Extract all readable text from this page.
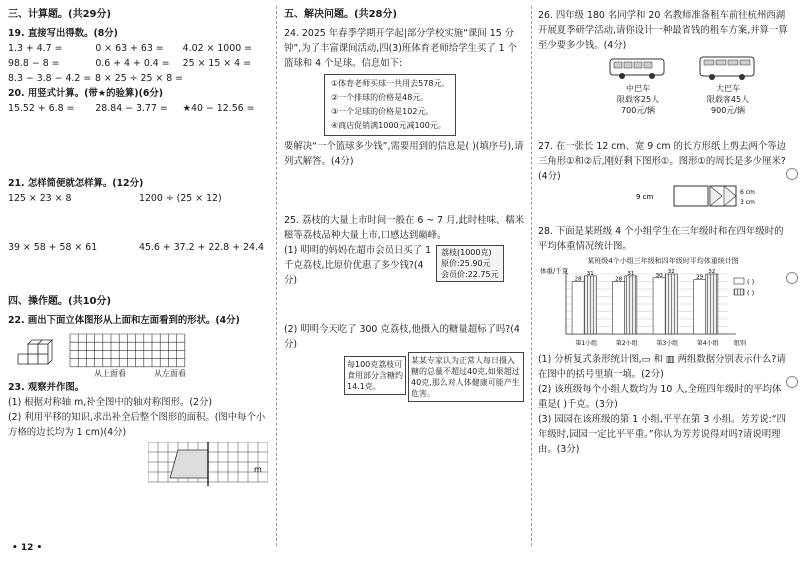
三、计算题。(共29分)

19. 直接写出得数。(8分)

1.3 + 4.7 =	0 × 63 + 63 =	4.02 × 1000 =
98.8 − 8 =	0.6 + 4 + 0.4 =	25 × 15 × 4 =
8.3 − 3.8 − 4.2 = 8 × 25 ÷ 25 × 8 =

20. 用竖式计算。(带★的验算)(6分)

15.52 + 6.8 =	28.84 − 3.77 =	★40 − 12.56 =

21. 怎样简便就怎样算。(12分)

125 × 23 × 8	1200 ÷ (25 × 12)
39 × 58 + 58 × 61	45.6 + 37.2 + 22.8 + 24.4

四、操作题。(共10分)

22. 画出下面立体图形从上面和左面看到的形状。(4分)

从上面看	从左面看

23. 观察并作图。

(1) 根据对称轴 m,补全图中的轴对称图形。(2分)

(2) 利用平移的知识,求出补全后整个图形的面积。(图中每个小方格的边长均为 1 cm)(4分)

m

五、解决问题。(共28分)

24. 2025 年春季学期开学起|部分学校实施“课间 15 分钟”,为了丰富课间活动,四(3)班体育老师给学生买了 1 个篮球和 4 个足球。信息如下:

①体育老师买球一共用去578元。
②一个排球的价格是48元。
③一个足球的价格是102元。
④商店促销满1000元减100元。

要解决“一个篮球多少钱”,需要用到的信息是( )(填序号),请列式解答。(4分)

25. 荔枝的大量上市时间一般在 6 ~ 7 月,此时桂味、糯米糍等荔枝品种大量上市,口感达到巅峰。

(1) 明明的妈妈在超市会员日买了 1 千克荔枝,比原价优惠了多少钱?(4分)

荔枝(1000克)
原价:25.90元
会员价:22.75元

(2) 明明今天吃了 300 克荔枝,他摄入的糖量超标了吗?(4分)

每100克荔枝可食用部分含糖约14.1克。
某某专家认为正常人每日摄入糖的总量不超过40克,如果超过40克,那么对人体健康可能产生危害。

26. 四年级 180 名同学和 20 名教师准备租车前往杭州西湖开展夏季研学活动,请你设计一种最省钱的租车方案,并算一算至少要多少钱。(4分)

中巴车
限载客25人
700元/辆
大巴车
限载客45人
900元/辆

27. 在一张长 12 cm、宽 9 cm 的长方形纸上剪去两个等边三角形①和②后,刚好剩下图形①。图形①的周长是多少厘米?(4分)

9 cm
6 cm
3 cm

28. 下面是某班级 4 个小组学生在三年级时和在四年级时的平均体重情况统计图。

某班级4个小组三年级和四年级时平均体重统计图
体重/千克
28
31
第1小组
28
31
第2小组
30
32
第3小组
29
32
第4小组	组别
( )
( )

(1) 分析复式条形统计图,▭ 和 ▥ 两组数据分别表示什么?请在图中的括号里填一填。(2分)

(2) 该班级每个小组人数均为 10 人,全班四年级时的平均体重是( )千克。(3分)

(3) 园园在该班级的第 1 小组,平平在第 3 小组。芳芳说:“四年级时,园园一定比平平重。”你认为芳芳说得对吗?请说明理由。(3分)

• 12 •
